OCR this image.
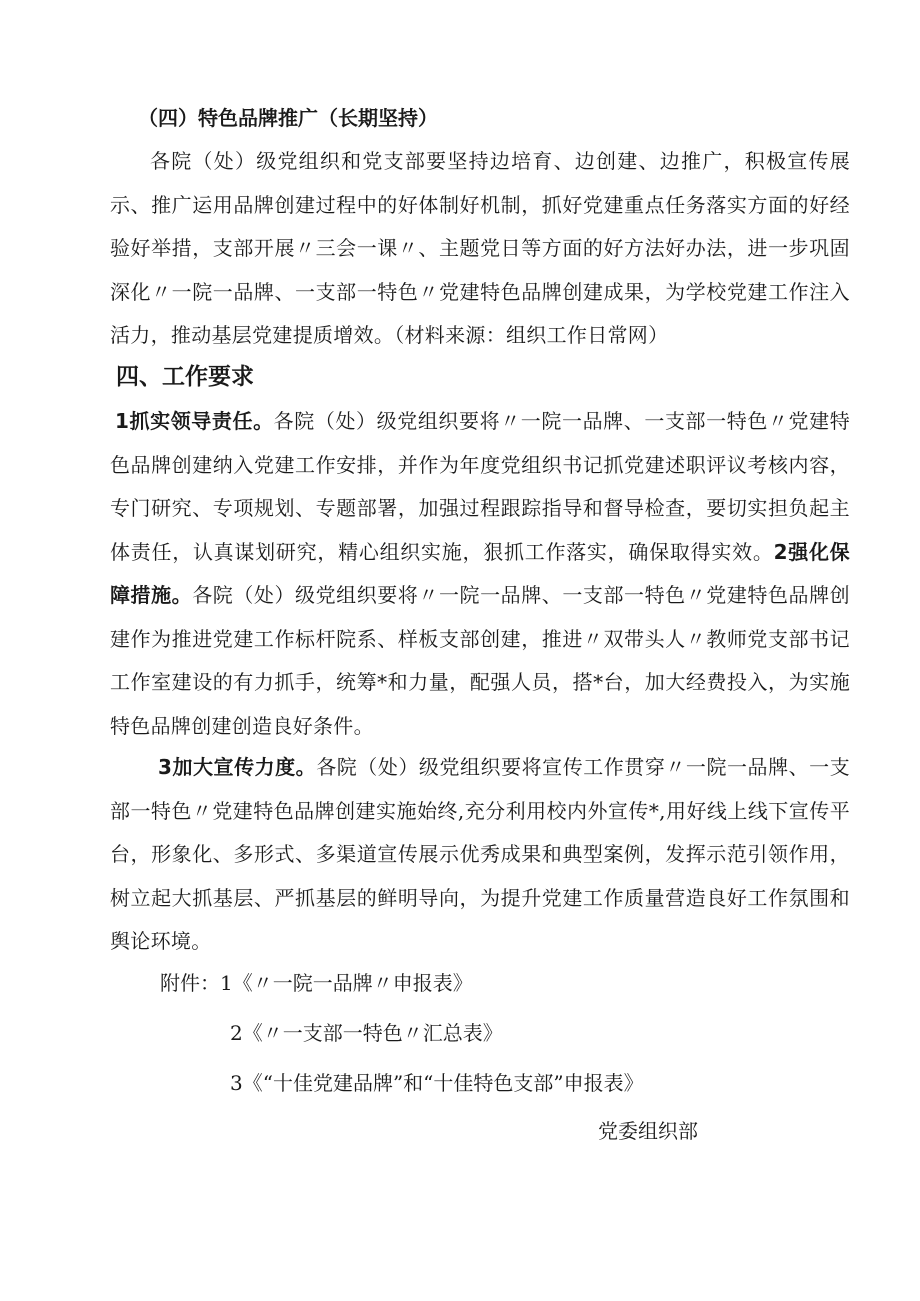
（四）特色品牌推广（长期坚持）
各院（处）级党组织和党支部要坚持边培育、边创建、边推广，积极宣传展示、推广运用品牌创建过程中的好体制好机制，抓好党建重点任务落实方面的好经验好举措，支部开展〃三会一课〃、主题党日等方面的好方法好办法，进一步巩固深化〃一院一品牌、一支部一特色〃党建特色品牌创建成果，为学校党建工作注入活力，推动基层党建提质增效。（材料来源：组织工作日常网）
四、工作要求
1抓实领导责任。各院（处）级党组织要将〃一院一品牌、一支部一特色〃党建特色品牌创建纳入党建工作安排，并作为年度党组织书记抓党建述职评议考核内容，专门研究、专项规划、专题部署，加强过程跟踪指导和督导检查，要切实担负起主体责任，认真谋划研究，精心组织实施，狠抓工作落实，确保取得实效。2强化保障措施。各院（处）级党组织要将〃一院一品牌、一支部一特色〃党建特色品牌创建作为推进党建工作标杆院系、样板支部创建，推进〃双带头人〃教师党支部书记工作室建设的有力抓手，统筹*和力量，配强人员，搭*台，加大经费投入，为实施特色品牌创建创造良好条件。
3加大宣传力度。各院（处）级党组织要将宣传工作贯穿〃一院一品牌、一支部一特色〃党建特色品牌创建实施始终,充分利用校内外宣传*,用好线上线下宣传平台，形象化、多形式、多渠道宣传展示优秀成果和典型案例，发挥示范引领作用，树立起大抓基层、严抓基层的鲜明导向，为提升党建工作质量营造良好工作氛围和舆论环境。
附件：1《〃一院一品牌〃申报表》
2《〃一支部一特色〃汇总表》
3《“十佳党建品牌”和“十佳特色支部”申报表》
党委组织部
